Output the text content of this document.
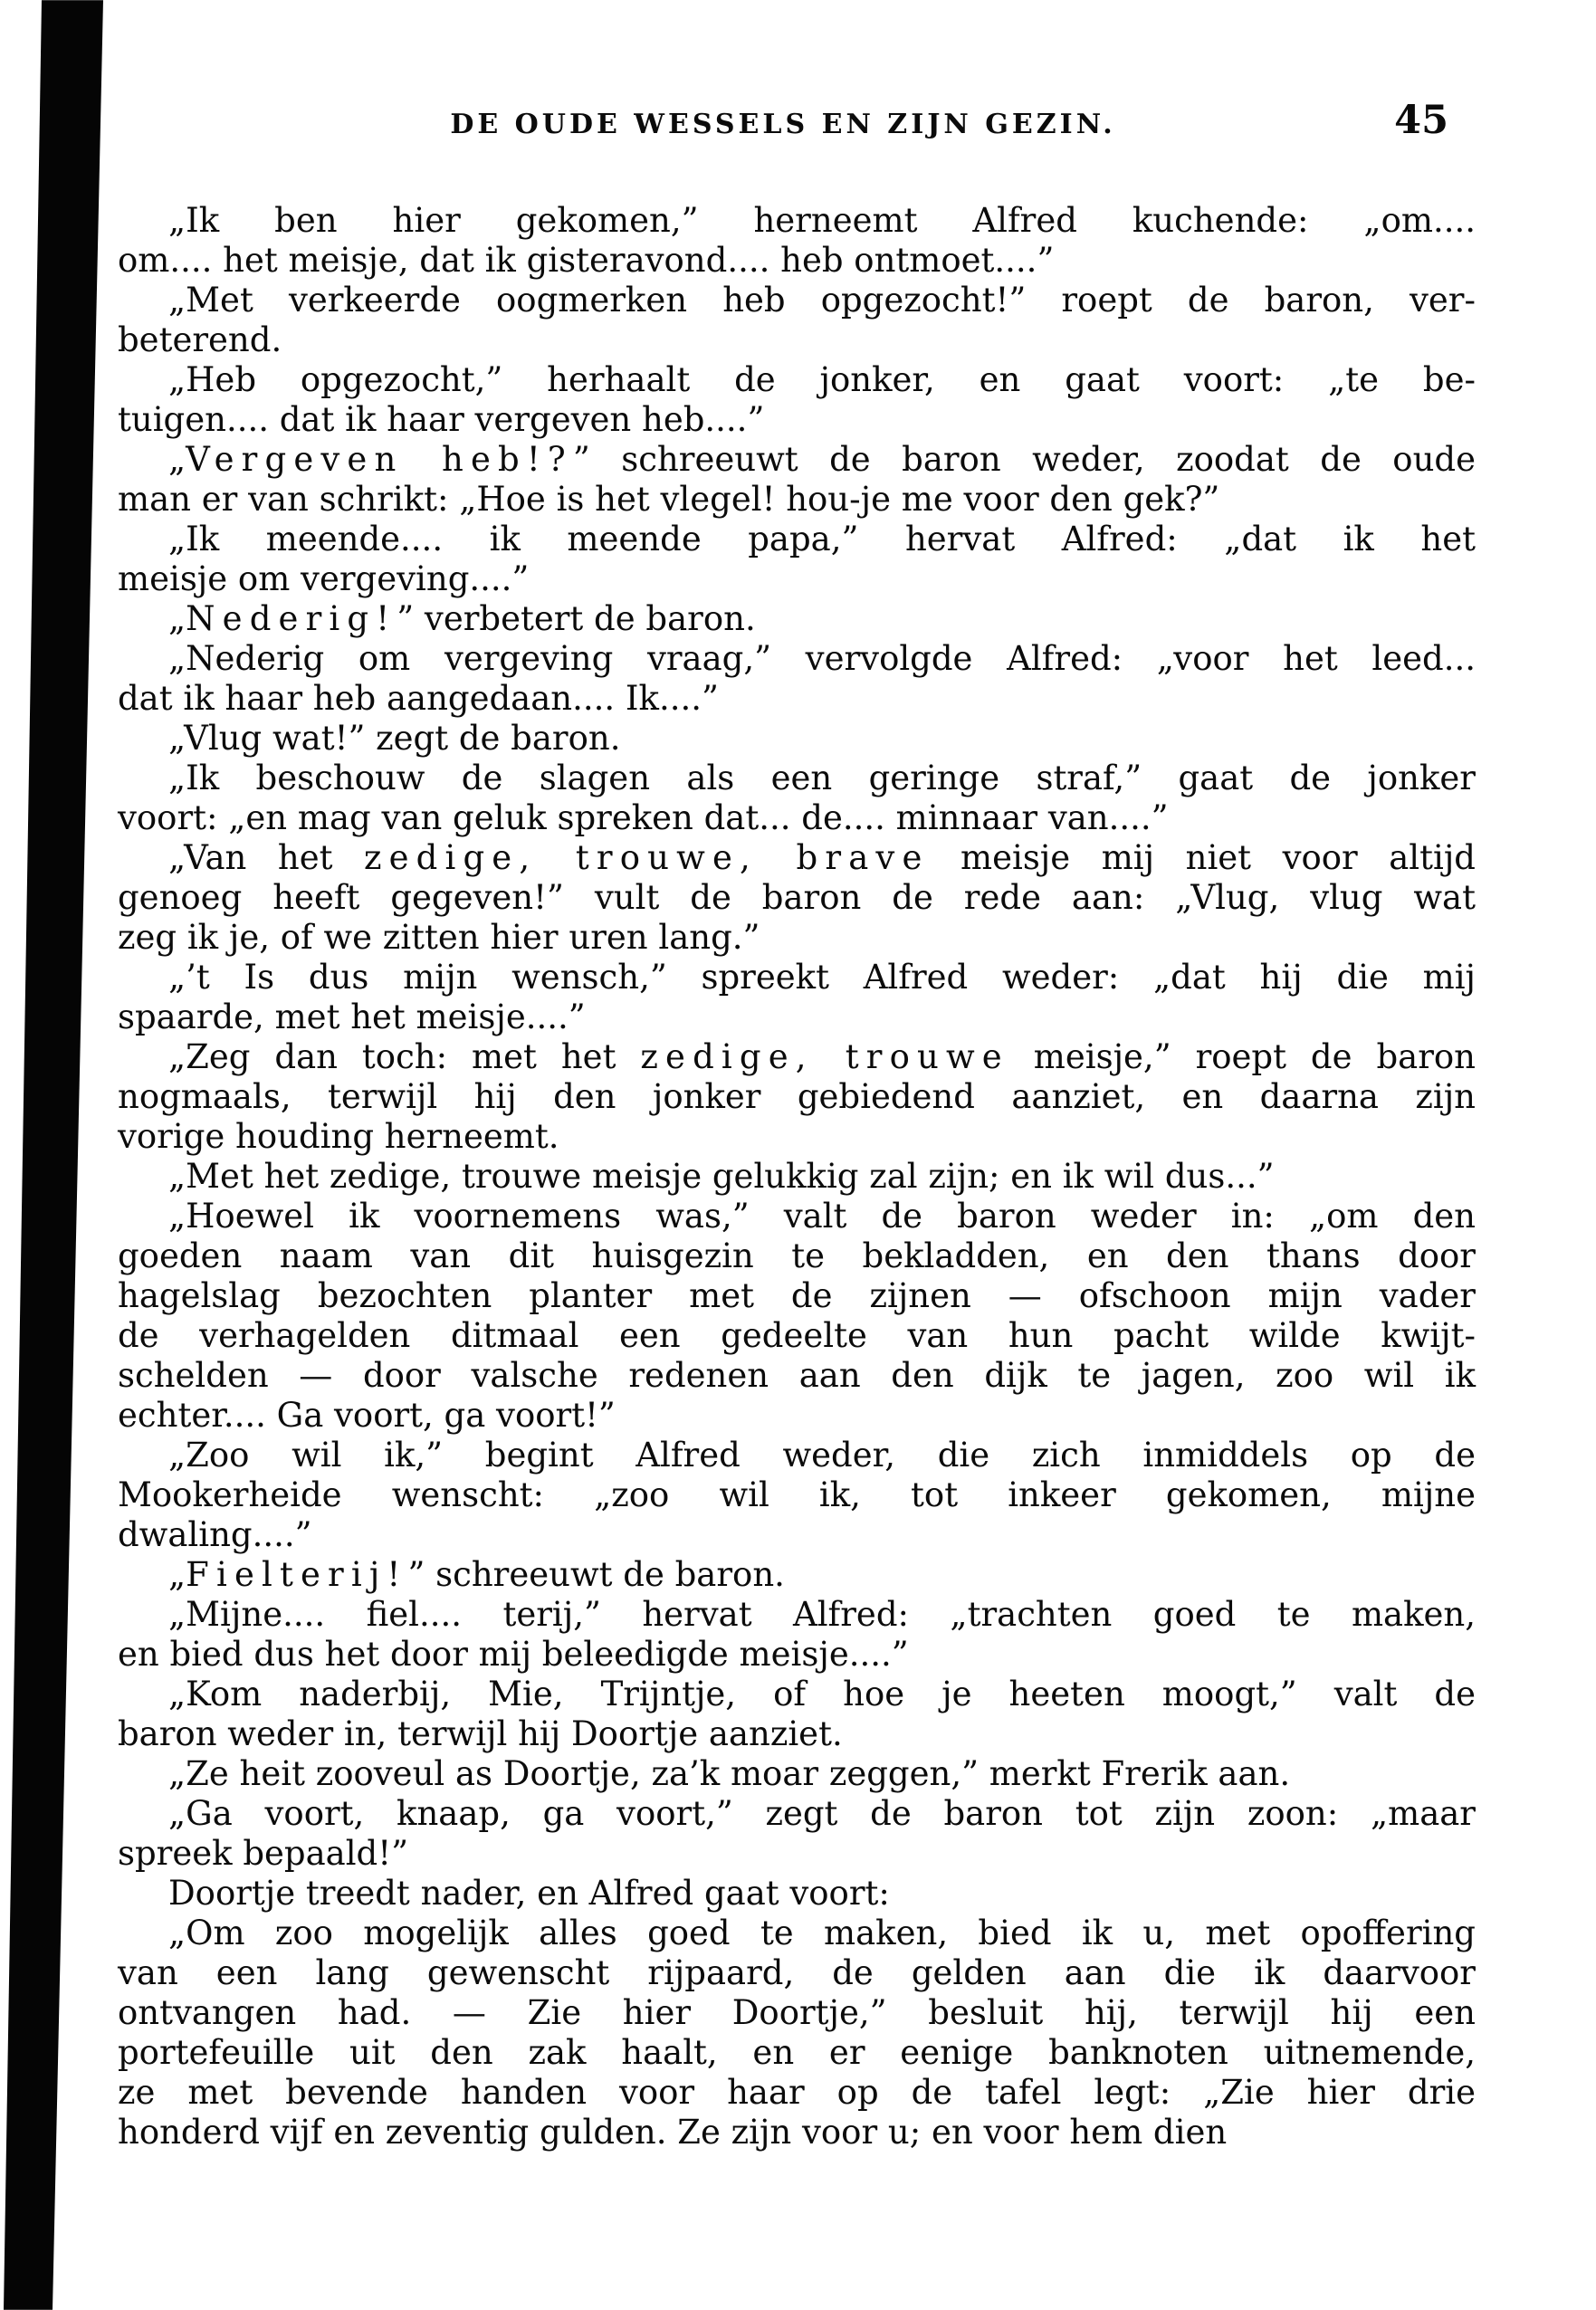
DE OUDE WESSELS EN ZIJN GEZIN.	45
„Ik ben hier gekomen,” herneemt Alfred kuchende: „om....
om.... het meisje, dat ik gisteravond.... heb ontmoet....”
„Met verkeerde oogmerken heb opgezocht!” roept de baron, ver-
beterend.
„Heb opgezocht,” herhaalt de jonker, en gaat voort: „te be-
tuigen.... dat ik haar vergeven heb....”
„Vergeven heb!?” schreeuwt de baron weder, zoodat de oude
man er van schrikt: „Hoe is het vlegel! hou-je me voor den gek?”
„Ik meende.... ik meende papa,” hervat Alfred: „dat ik het
meisje om vergeving....”
„Nederig!” verbetert de baron.
„Nederig om vergeving vraag,” vervolgde Alfred: „voor het leed...
dat ik haar heb aangedaan.... Ik....”
„Vlug wat!” zegt de baron.
„Ik beschouw de slagen als een geringe straf,” gaat de jonker
voort: „en mag van geluk spreken dat... de.... minnaar van....”
„Van het zedige, trouwe, brave meisje mij niet voor altijd
genoeg heeft gegeven!” vult de baron de rede aan: „Vlug, vlug wat
zeg ik je, of we zitten hier uren lang.”
„’t Is dus mijn wensch,” spreekt Alfred weder: „dat hij die mij
spaarde, met het meisje....”
„Zeg dan toch: met het zedige, trouwe meisje,” roept de baron
nogmaals, terwijl hij den jonker gebiedend aanziet, en daarna zijn
vorige houding herneemt.
„Met het zedige, trouwe meisje gelukkig zal zijn; en ik wil dus...”
„Hoewel ik voornemens was,” valt de baron weder in: „om den
goeden naam van dit huisgezin te bekladden, en den thans door
hagelslag bezochten planter met de zijnen — ofschoon mijn vader
de verhagelden ditmaal een gedeelte van hun pacht wilde kwijt-
schelden — door valsche redenen aan den dijk te jagen, zoo wil ik
echter.... Ga voort, ga voort!”
„Zoo wil ik,” begint Alfred weder, die zich inmiddels op de
Mookerheide wenscht: „zoo wil ik, tot inkeer gekomen, mijne
dwaling....”
„Fielterij!” schreeuwt de baron.
„Mijne.... fiel.... terij,” hervat Alfred: „trachten goed te maken,
en bied dus het door mij beleedigde meisje....”
„Kom naderbij, Mie, Trijntje, of hoe je heeten moogt,” valt de
baron weder in, terwijl hij Doortje aanziet.
„Ze heit zooveul as Doortje, za’k moar zeggen,” merkt Frerik aan.
„Ga voort, knaap, ga voort,” zegt de baron tot zijn zoon: „maar
spreek bepaald!”
Doortje treedt nader, en Alfred gaat voort:
„Om zoo mogelijk alles goed te maken, bied ik u, met opoffering
van een lang gewenscht rijpaard, de gelden aan die ik daarvoor
ontvangen had. — Zie hier Doortje,” besluit hij, terwijl hij een
portefeuille uit den zak haalt, en er eenige banknoten uitnemende,
ze met bevende handen voor haar op de tafel legt: „Zie hier drie
honderd vijf en zeventig gulden. Ze zijn voor u; en voor hem dien
